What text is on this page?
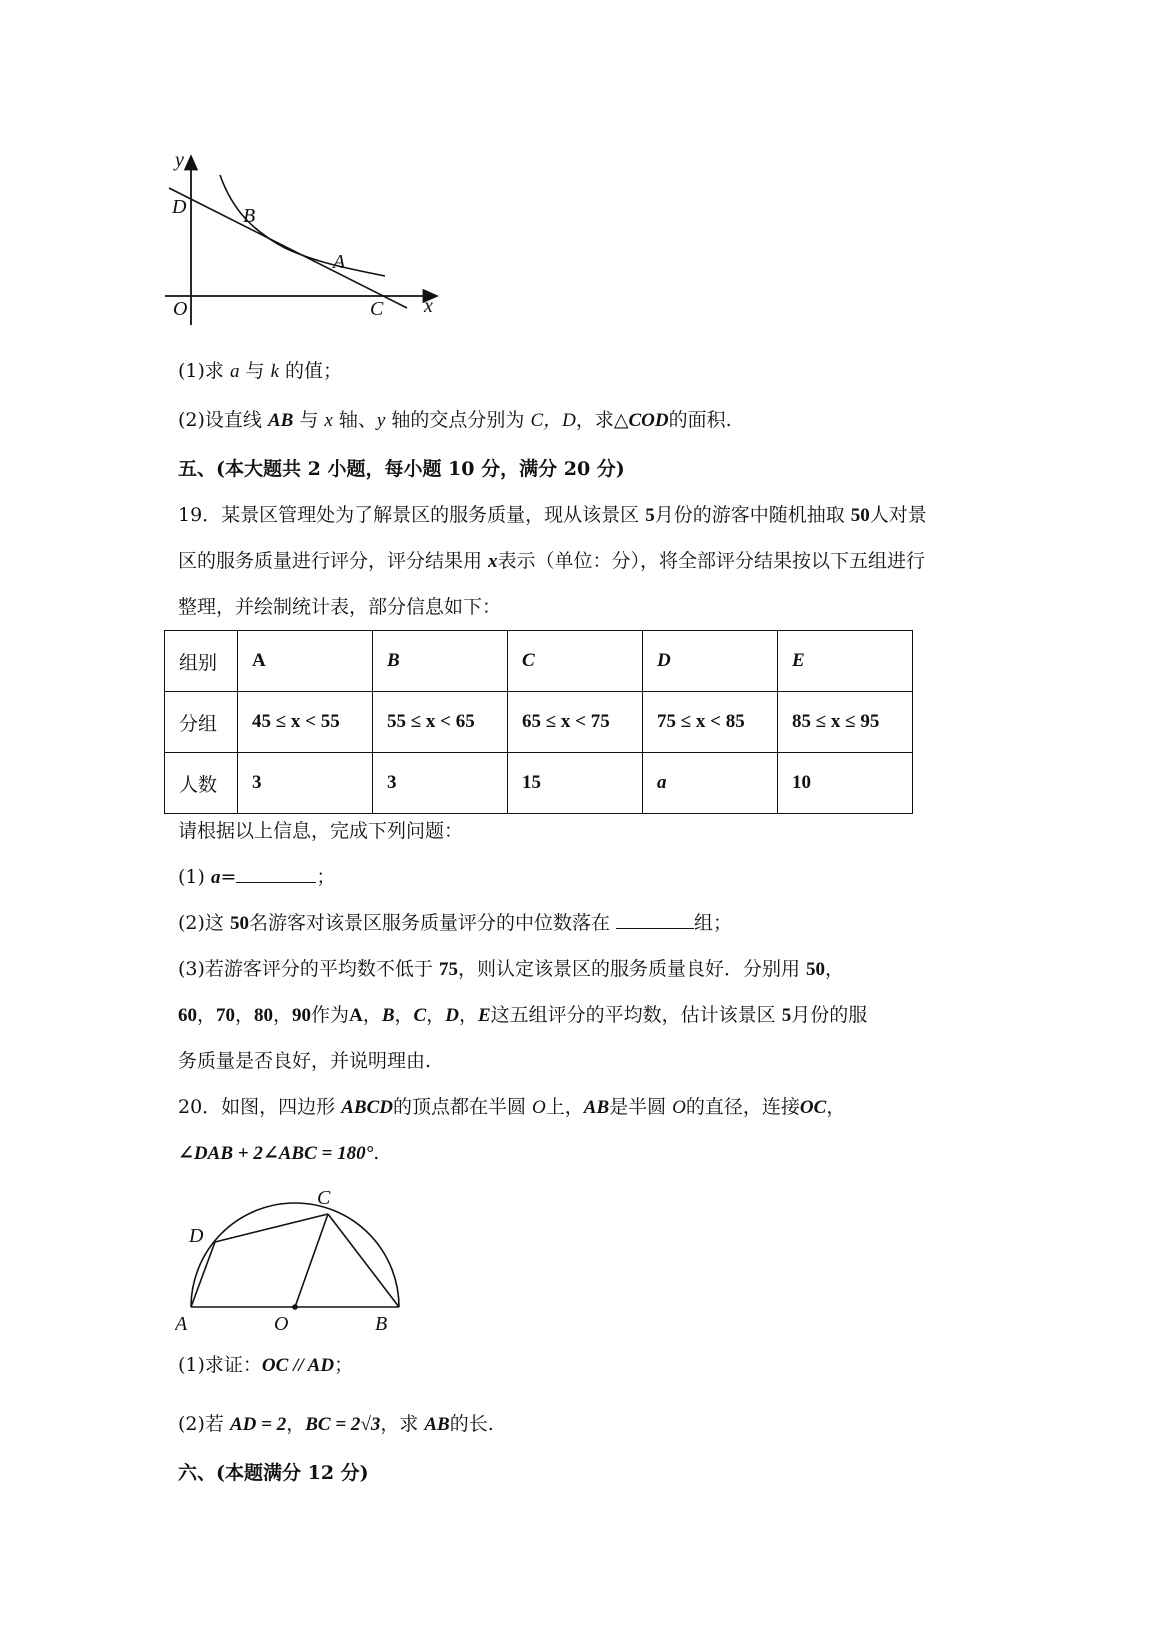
y
D	B
A
O	C x
(1)求 a 与 k 的值；
(2)设直线 AB 与 x 轴、y 轴的交点分别为 C，D，求△COD的面积.
五、(本大题共 2 小题，每小题 10 分，满分 20 分)
19．某景区管理处为了解景区的服务质量，现从该景区 5月份的游客中随机抽取 50人对景
区的服务质量进行评分，评分结果用 x表示（单位：分），将全部评分结果按以下五组进行
整理，并绘制统计表，部分信息如下：
组别	A	B	C	D	E
分组	45 ≤ x < 55	55 ≤ x < 65	65 ≤ x < 75	75 ≤ x < 85	85 ≤ x ≤ 95
人数	3	3	15	a	10
请根据以上信息，完成下列问题：
(1) a=	；
(2)这 50名游客对该景区服务质量评分的中位数落在	组；
(3)若游客评分的平均数不低于 75，则认定该景区的服务质量良好．分别用 50，
60，70，80，90作为A，B，C，D，E这五组评分的平均数，估计该景区 5月份的服
务质量是否良好，并说明理由.
20．如图，四边形 ABCD的顶点都在半圆 O上，AB是半圆 O的直径，连接OC，
∠DAB + 2∠ABC = 180°.
C
D
A	O	B
(1)求证：OC // AD；
(2)若 AD = 2，BC = 2√3，求 AB的长.
六、(本题满分 12 分)
